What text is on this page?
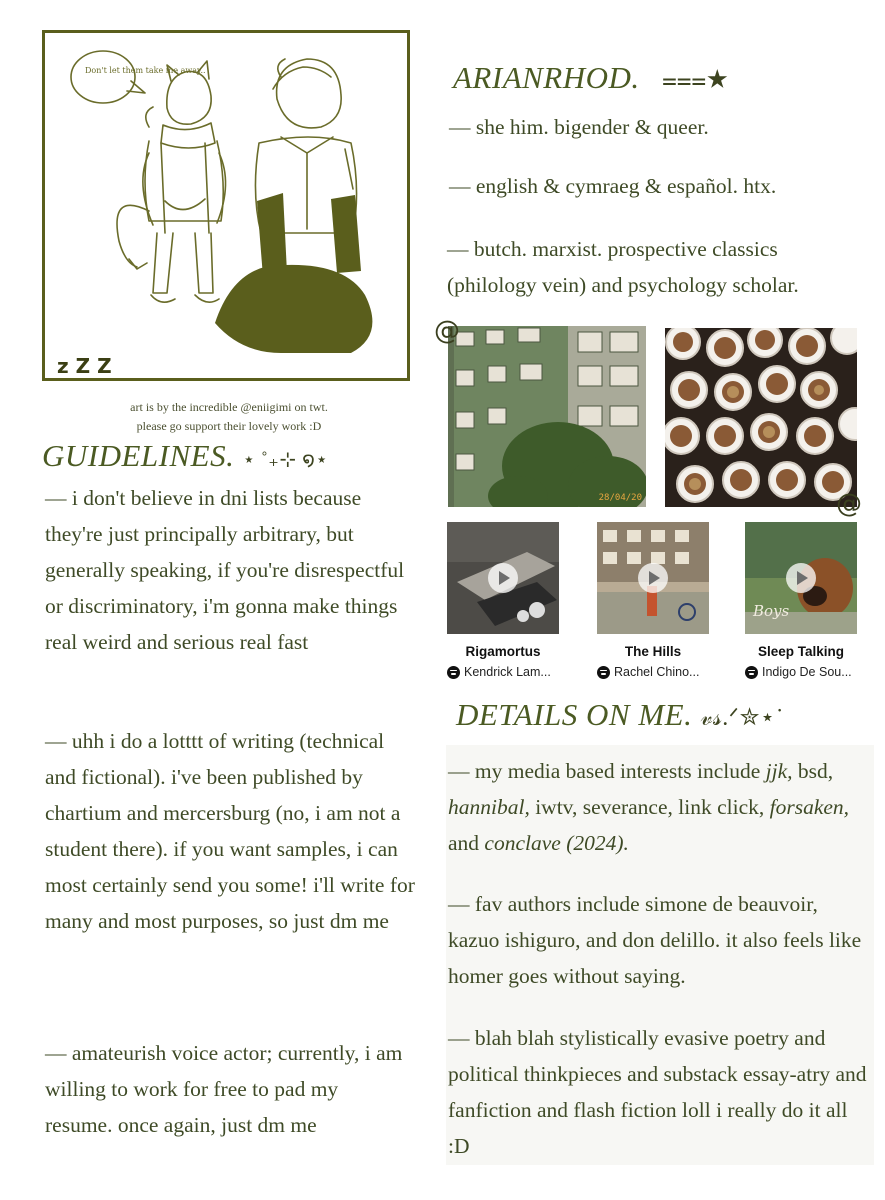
Don't let them take me away..
z Z Z
art is by the incredible @eniigimi on twt.
please go support their lovely work :D
GUIDELINES. ⋆ ˚₊⊹ ໑⋆

— i don't believe in dni lists because they're just principally arbitrary, but generally speaking, if you're disrespectful or discriminatory, i'm gonna make things real weird and serious real fast

— uhh i do a lotttt of writing (technical and fictional). i've been published by chartium and mercersburg (no, i am not a student there). if you want samples, i can most certainly send you some! i'll write for many and most purposes, so just dm me

— amateurish voice actor; currently, i am willing to work for free to pad my resume. once again, just dm me

ARIANRHOD. ⩶★

— she him. bigender & queer.

— english & cymraeg & español. htx.

— butch. marxist. prospective classics (philology vein) and psychology scholar.

28/04/20
@
@
Rigamortus
Kendrick Lam...
The Hills
Rachel Chino...
Boys
Sleep Talking
Indigo De Sou...
DETAILS ON ME. 𝓋𝓈.ᐟ✮⋆˙

— my media based interests include jjk, bsd, hannibal, iwtv, severance, link click, forsaken, and conclave (2024).

— fav authors include simone de beauvoir, kazuo ishiguro, and don delillo. it also feels like homer goes without saying.

— blah blah stylistically evasive poetry and political thinkpieces and substack essay-atry and fanfiction and flash fiction loll i really do it all :D
